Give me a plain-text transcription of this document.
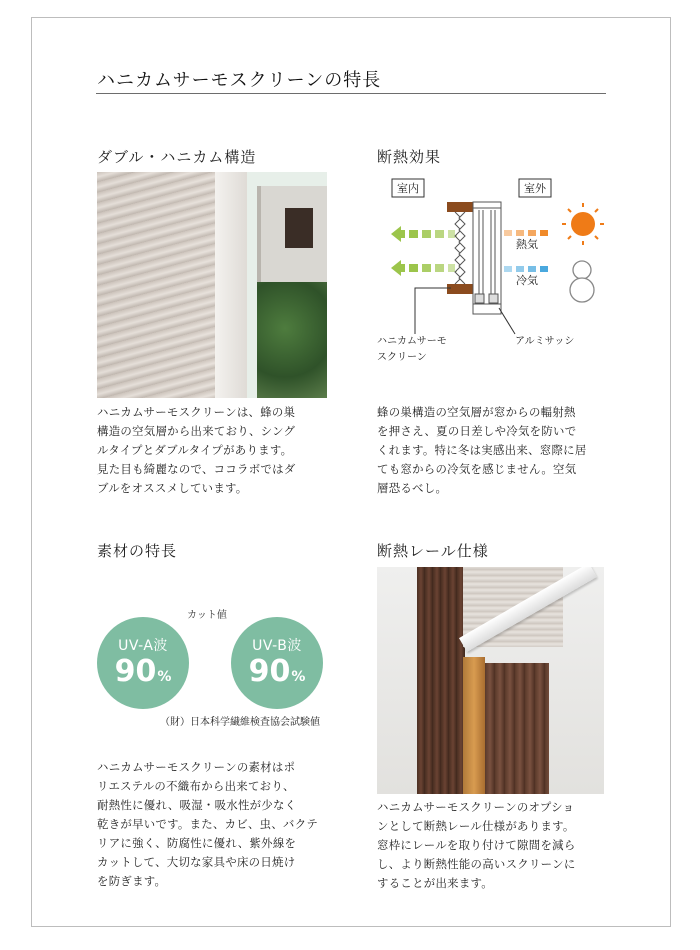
ハニカムサーモスクリーンの特長
ダブル・ハニカム構造
ハニカムサーモスクリーンは、蜂の巣
構造の空気層から出来ており、シング
ルタイプとダブルタイプがあります。
見た目も綺麗なので、ココラボではダ
ブルをオススメしています。
断熱効果
室内	室外
熱気
冷気
ハニカムサーモ
スクリーン
アルミサッシ
蜂の巣構造の空気層が窓からの輻射熱
を押さえ、夏の日差しや冷気を防いで
くれます。特に冬は実感出来、窓際に居
ても窓からの冷気を感じません。空気
層恐るべし。
素材の特長
カット値
UV-A波
90%
UV-B波
90%
（財）日本科学繊維検査協会試験値
ハニカムサーモスクリーンの素材はポ
リエステルの不織布から出来ており、
耐熱性に優れ、吸湿・吸水性が少なく
乾きが早いです。また、カビ、虫、バクテ
リアに強く、防腐性に優れ、紫外線を
カットして、大切な家具や床の日焼け
を防ぎます。
断熱レール仕様
ハニカムサーモスクリーンのオプショ
ンとして断熱レール仕様があります。
窓枠にレールを取り付けて隙間を減ら
し、より断熱性能の高いスクリーンに
することが出来ます。
